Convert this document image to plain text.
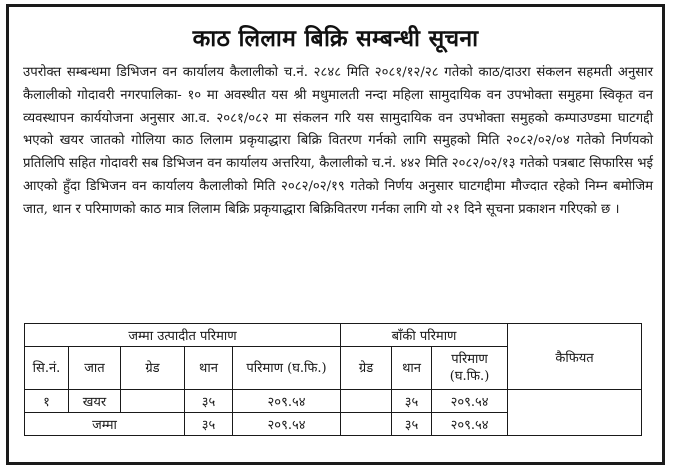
काठ लिलाम बिक्रि सम्बन्धी सूचना

उपरोक्त सम्बन्धमा डिभिजन वन कार्यालय कैलालीको च.नं. २८४८ मिति २०८१/१२/२८ गतेको काठ/दाउरा संकलन सहमती अनुसार कैलालीको गोदावरी नगरपालिका- १० मा अवस्थीत यस श्री मधुमालती नन्दा महिला सामुदायिक वन उपभोक्ता समुहमा स्विकृत वन व्यवस्थापन कार्ययोजना अनुसार आ.व. २०८१/०८२ मा संकलन गरि यस सामुदायिक वन उपभोक्ता समुहको कम्पाउण्डमा घाटगद्दी भएको खयर जातको गोलिया काठ लिलाम प्रकृयाद्धारा बिक्रि वितरण गर्नको लागि समुहको मिति २०८२/०२/०४ गतेको निर्णयको प्रतिलिपि सहित गोदावरी सब डिभिजन वन कार्यालय अत्तरिया, कैलालीको च.नं. ४४२ मिति २०८२/०२/१३ गतेको पत्रबाट सिफारिस भई आएको हुँदा डिभिजन वन कार्यालय कैलालीको मिति २०८२/०२/१९ गतेको निर्णय अनुसार घाटगद्दीमा मौज्दात रहेको निम्न बमोजिम जात, थान र परिमाणको काठ मात्र लिलाम बिक्रि प्रकृयाद्धारा बिक्रिवितरण गर्नका लागि यो २१ दिने सूचना प्रकाशन गरिएको छ ।

जम्मा उत्पादीत परिमाण					बाँकी परिमाण			कैफियत
सि.नं.	जात	ग्रेड	थान	परिमाण (घ.फि.)	ग्रेड	थान	परिमाण (घ.फि.)	
१	खयर		३५	२०९.५४		३५	२०९.५४	
जम्मा			३५	२०९.५४		३५	२०९.५४	
